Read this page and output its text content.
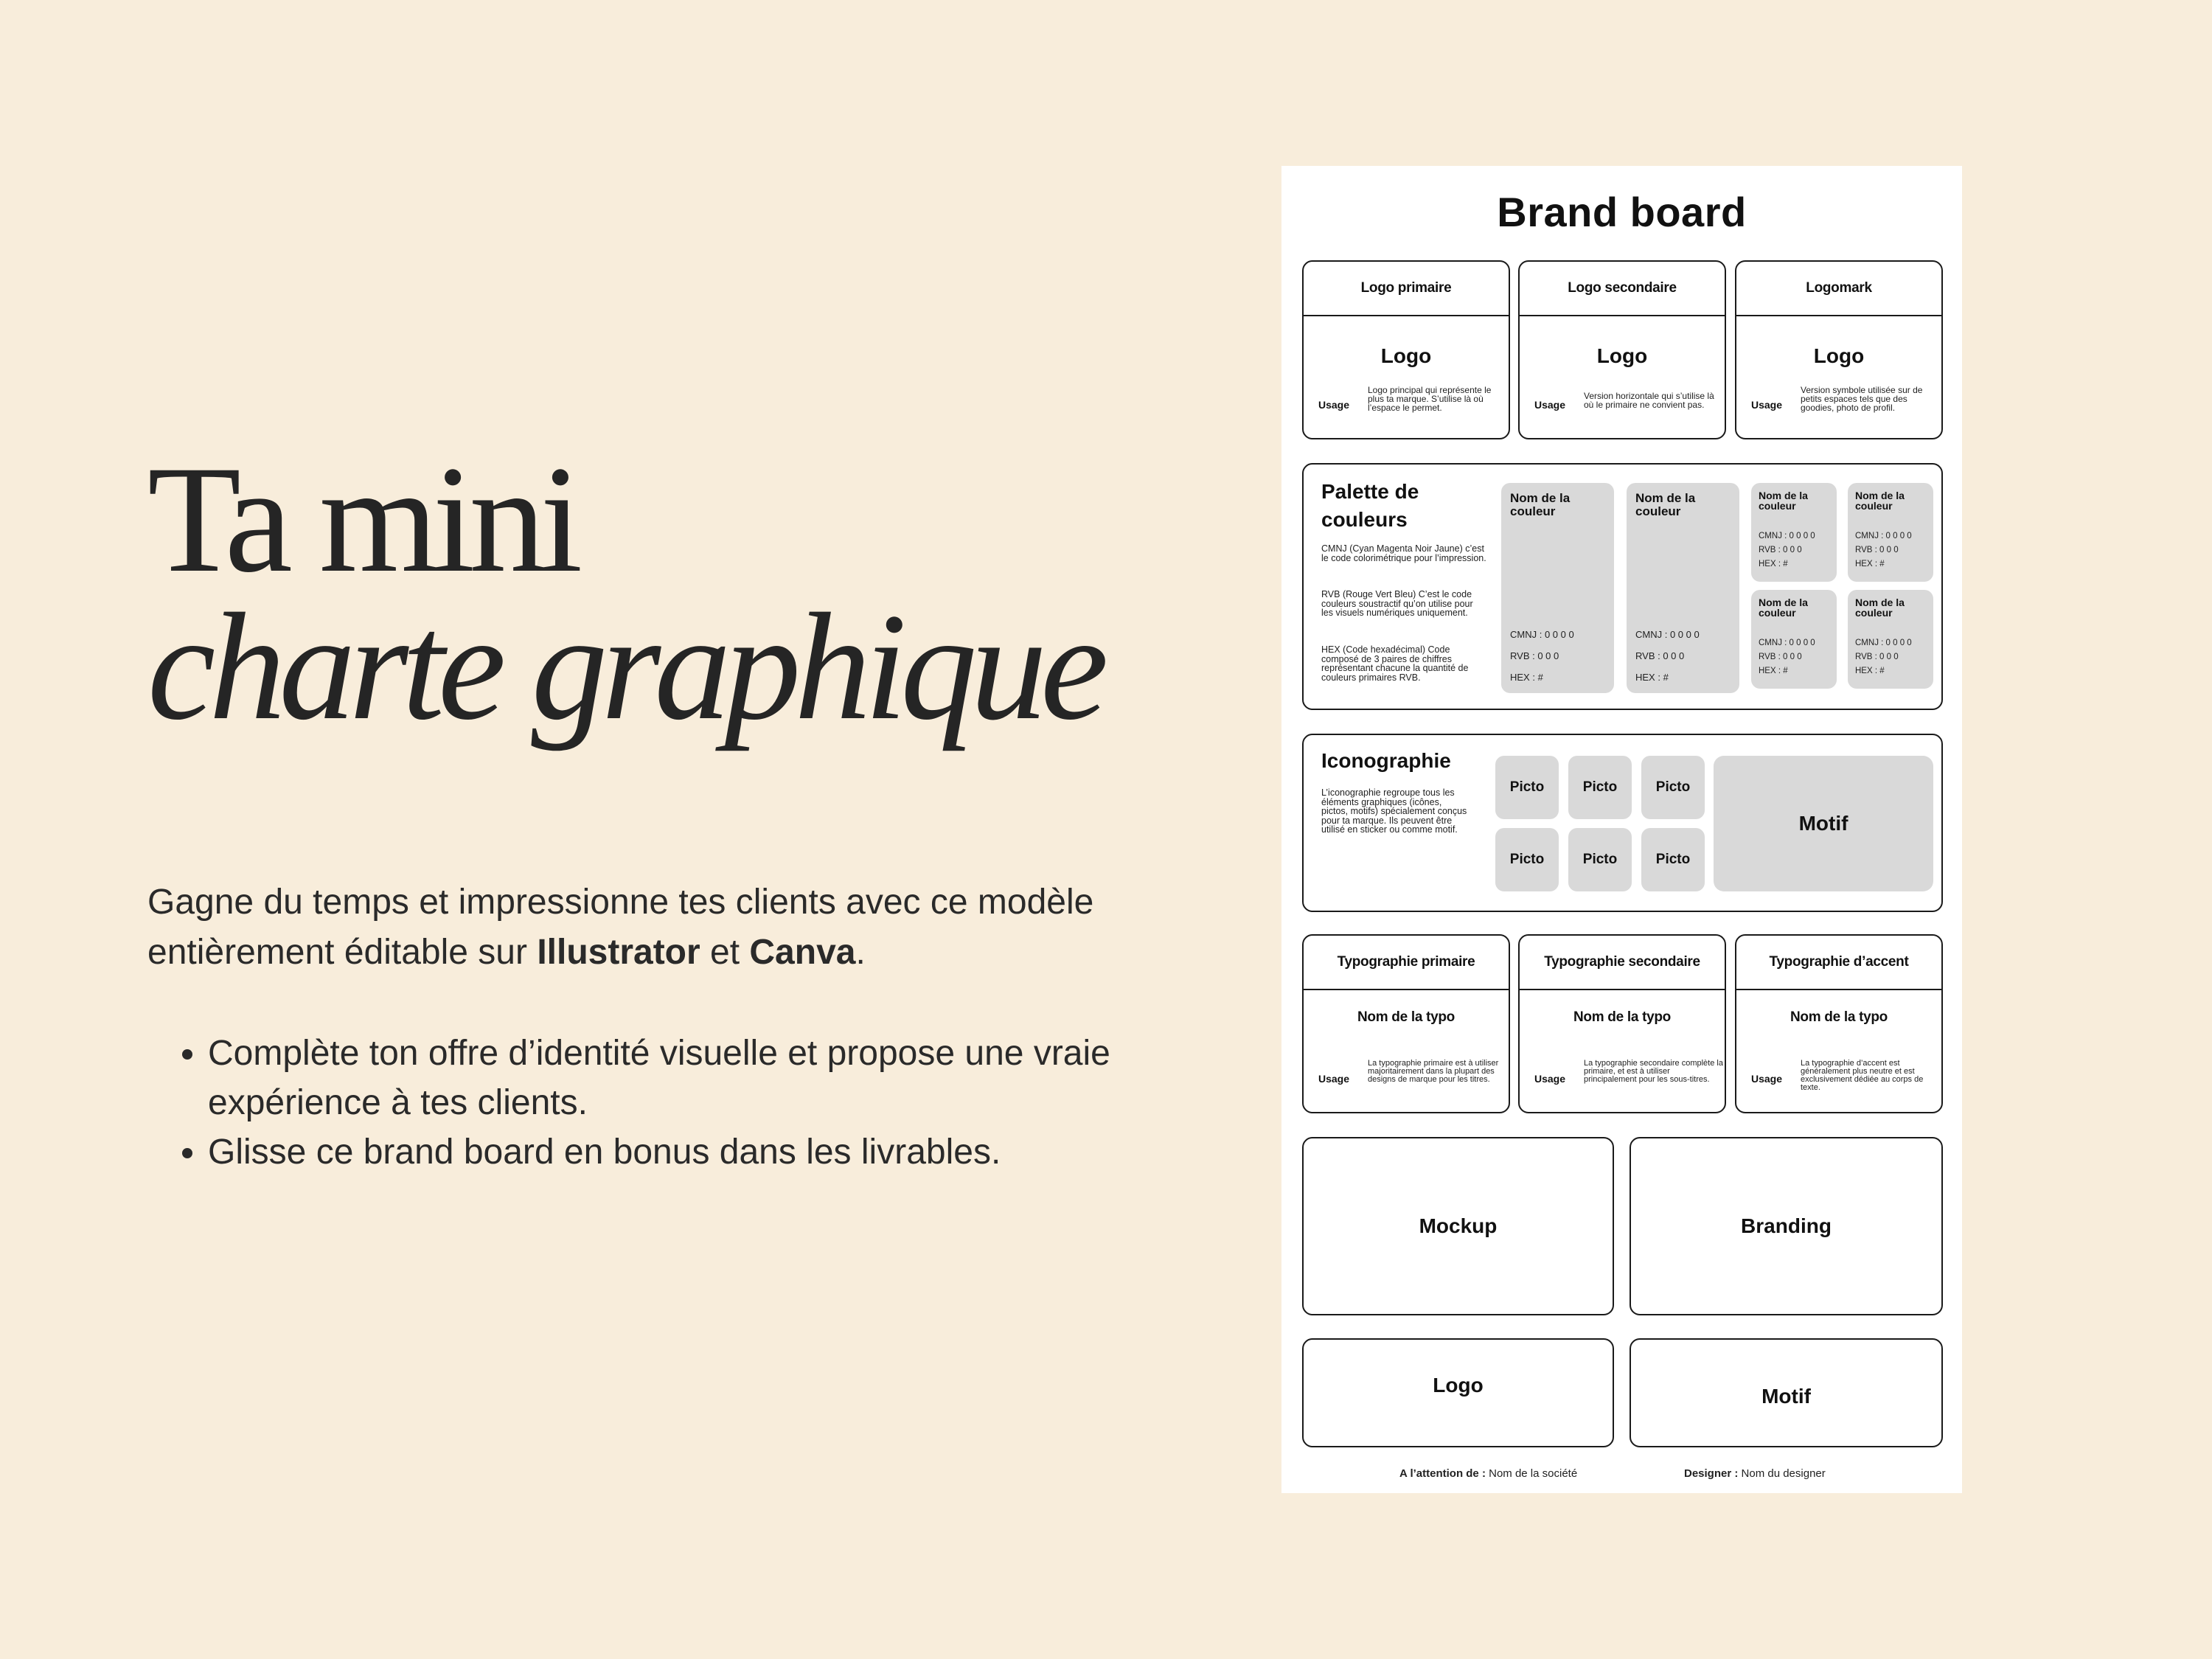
Ta mini
charte graphique

Gagne du temps et impressionne tes clients avec ce modèle entièrement éditable sur Illustrator et Canva.

• Complète ton offre d’identité visuelle et propose une vraie expérience à tes clients.
• Glisse ce brand board en bonus dans les livrables.
Brand board
Logo primaire
Logo
Usage
Logo principal qui représente le plus ta marque. S’utilise là où l’espace le permet.
Logo secondaire
Logo
Usage
Version horizontale qui s’utilise là où le primaire ne convient pas.
Logomark
Logo
Usage
Version symbole utilisée sur de petits espaces tels que des goodies, photo de profil.
Palette de couleurs

CMNJ (Cyan Magenta Noir Jaune) c’est le code colorimétrique pour l’impression.

RVB (Rouge Vert Bleu) C’est le code couleurs soustractif qu’on utilise pour les visuels numériques uniquement.

HEX (Code hexadécimal) Code composé de 3 paires de chiffres représentant chacune la quantité de couleurs primaires RVB.

Nom de la couleur
CMNJ : 0 0 0 0
RVB : 0 0 0
HEX : #
Nom de la couleur
CMNJ : 0 0 0 0
RVB : 0 0 0
HEX : #
Nom de la couleur
CMNJ : 0 0 0 0
RVB : 0 0 0
HEX : #
Nom de la couleur
CMNJ : 0 0 0 0
RVB : 0 0 0
HEX : #
Nom de la couleur
CMNJ : 0 0 0 0
RVB : 0 0 0
HEX : #
Nom de la couleur
CMNJ : 0 0 0 0
RVB : 0 0 0
HEX : #
Iconographie

L’iconographie regroupe tous les éléments graphiques (icônes, pictos, motifs) spécialement conçus pour ta marque. Ils peuvent être utilisé en sticker ou comme motif.

Picto	Picto	Picto
Picto	Picto	Picto
Motif
Typographie primaire
Nom de la typo
Usage
La typographie primaire est à utiliser majoritairement dans la plupart des designs de marque pour les titres.
Typographie secondaire
Nom de la typo
Usage
La typographie secondaire complète la primaire, et est à utiliser principalement pour les sous-titres.
Typographie d’accent
Nom de la typo
Usage
La typographie d’accent est généralement plus neutre et est exclusivement dédiée au corps de texte.
Mockup	Branding
Logo	Motif
A l’attention de : Nom de la société	Designer : Nom du designer
